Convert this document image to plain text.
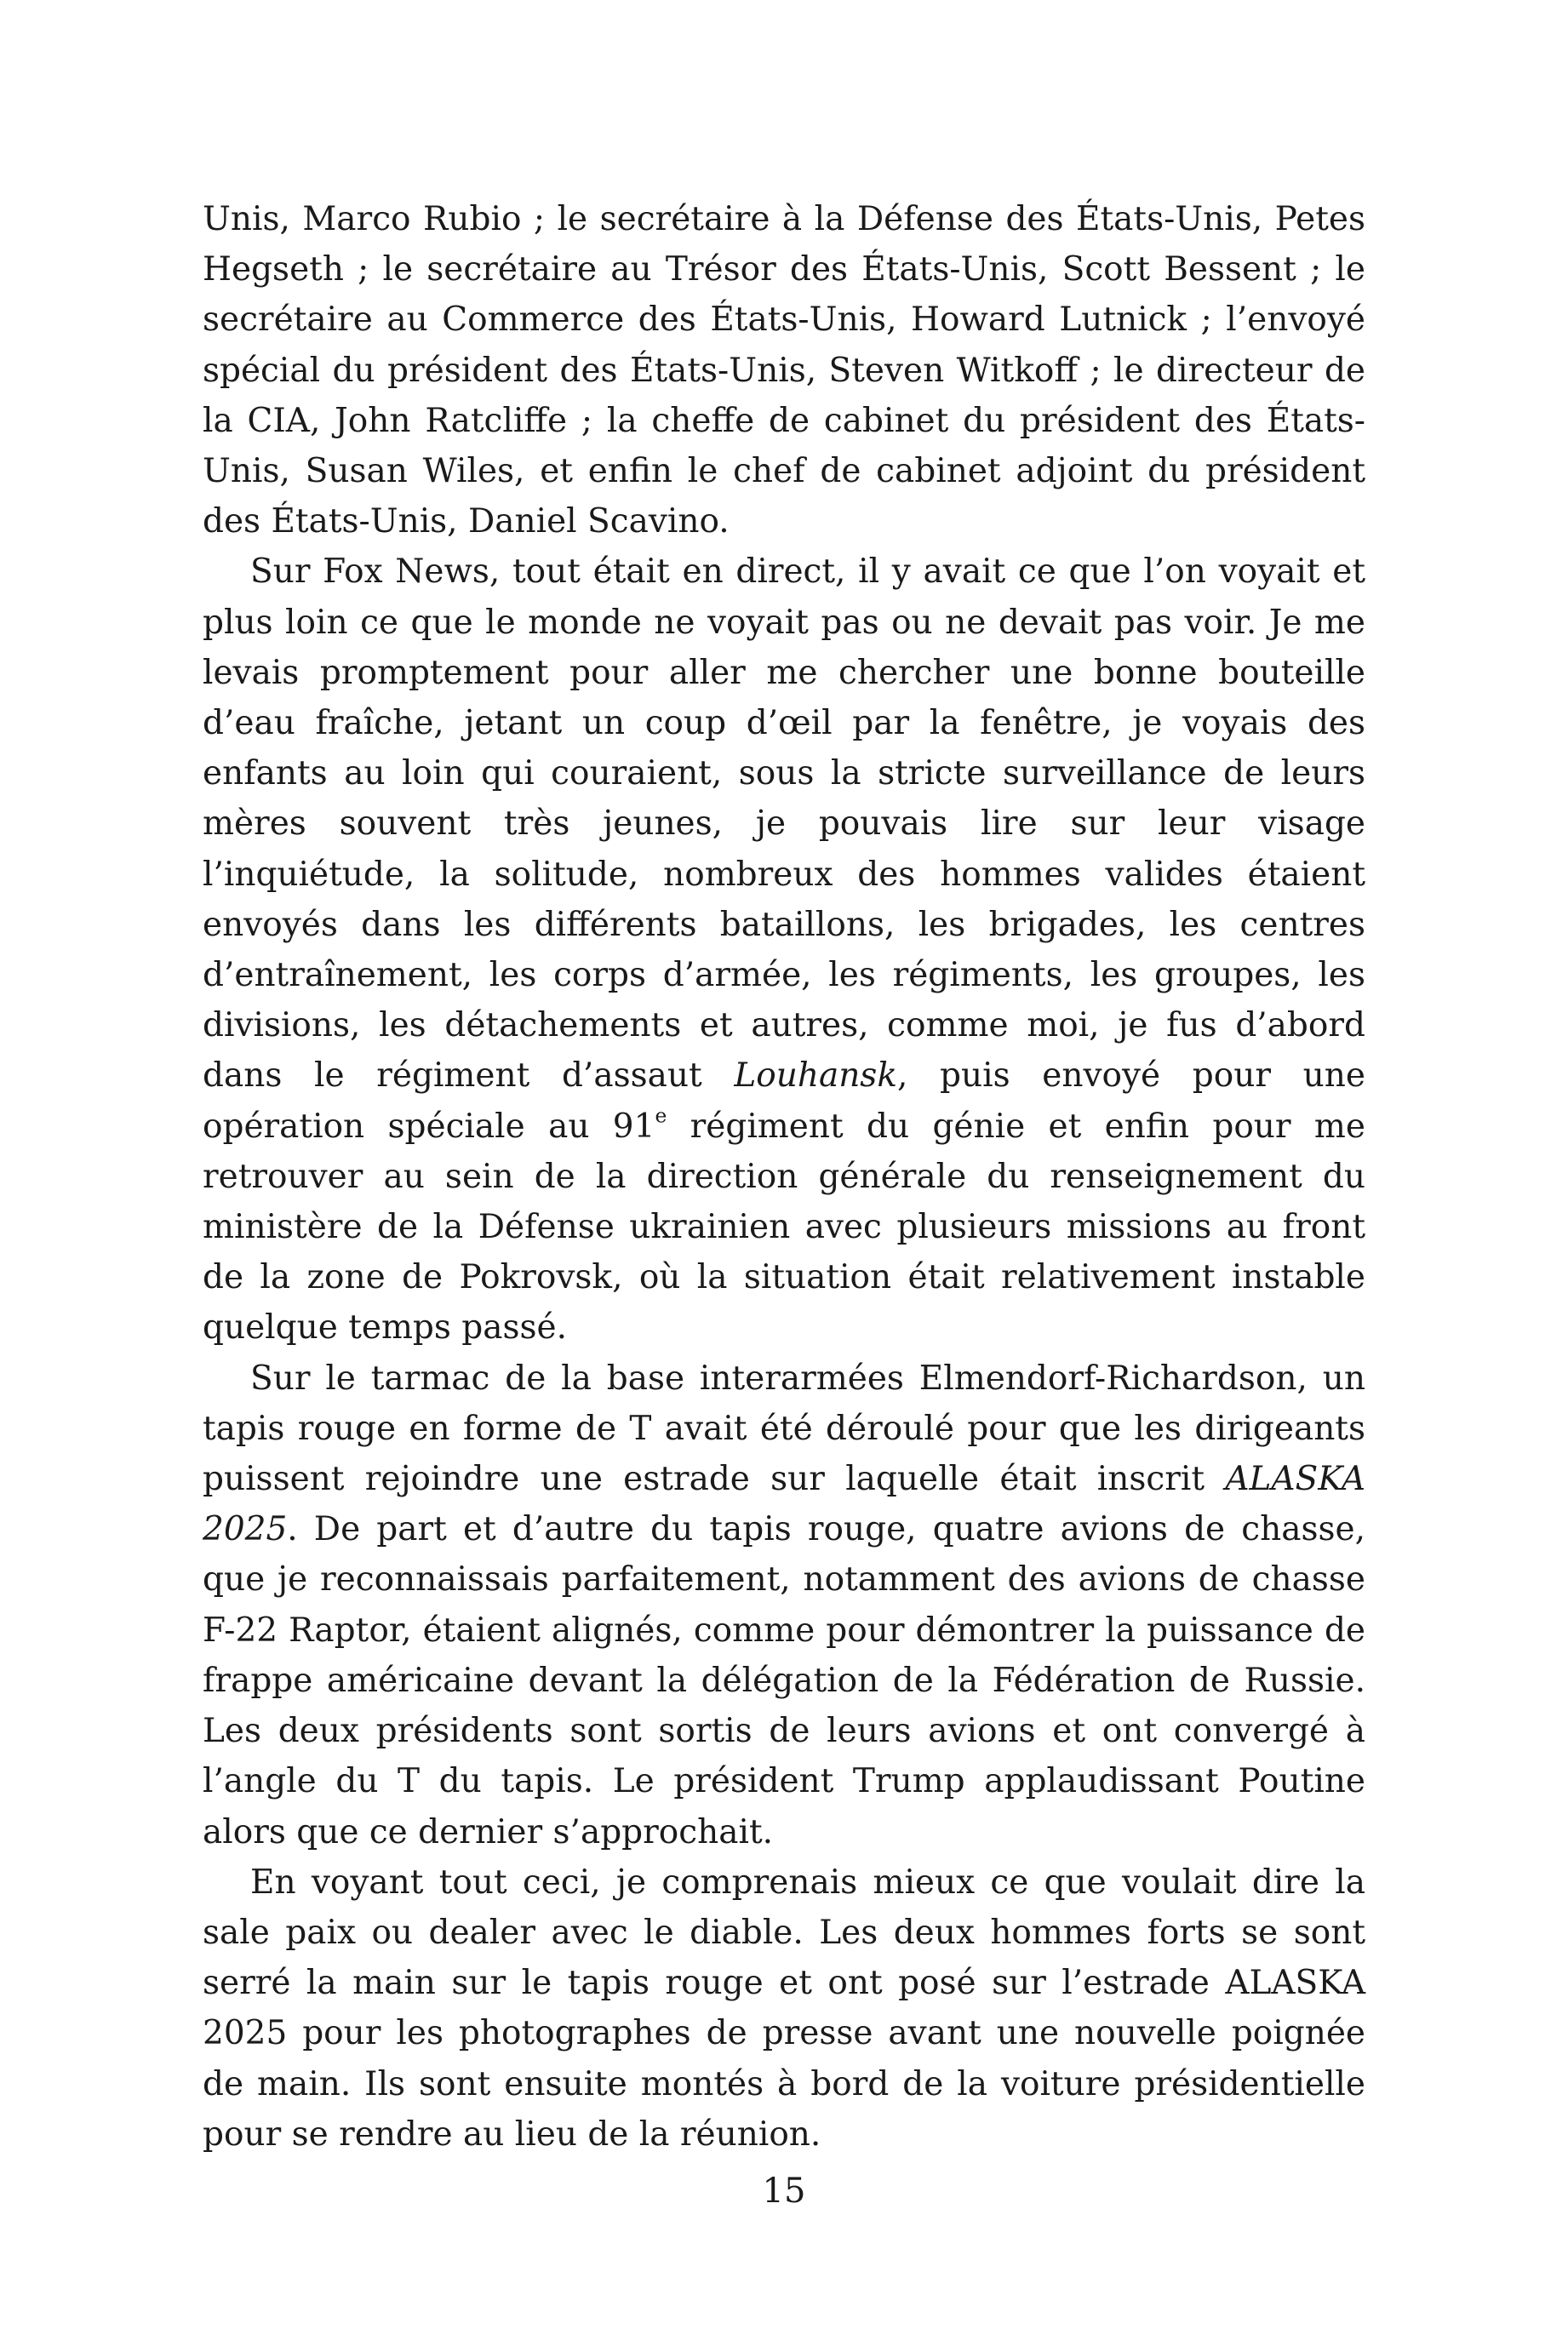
Unis, Marco Rubio ; le secrétaire à la Défense des États-Unis, Petes Hegseth ; le secrétaire au Trésor des États-Unis, Scott Bessent ; le secrétaire au Commerce des États-Unis, Howard Lutnick ; l’envoyé spécial du président des États-Unis, Steven Witkoff ; le directeur de la CIA, John Ratcliffe ; la cheffe de cabinet du président des États-Unis, Susan Wiles, et enfin le chef de cabinet adjoint du président des États-Unis, Daniel Scavino.

Sur Fox News, tout était en direct, il y avait ce que l’on voyait et plus loin ce que le monde ne voyait pas ou ne devait pas voir. Je me levais promptement pour aller me chercher une bonne bouteille d’eau fraîche, jetant un coup d’œil par la fenêtre, je voyais des enfants au loin qui couraient, sous la stricte surveillance de leurs mères souvent très jeunes, je pouvais lire sur leur visage l’inquiétude, la solitude, nombreux des hommes valides étaient envoyés dans les différents bataillons, les brigades, les centres d’entraînement, les corps d’armée, les régiments, les groupes, les divisions, les détachements et autres, comme moi, je fus d’abord dans le régiment d’assaut Louhansk, puis envoyé pour une opération spéciale au 91e régiment du génie et enfin pour me retrouver au sein de la direction générale du renseignement du ministère de la Défense ukrainien avec plusieurs missions au front de la zone de Pokrovsk, où la situation était relativement instable quelque temps passé.

Sur le tarmac de la base interarmées Elmendorf-Richardson, un tapis rouge en forme de T avait été déroulé pour que les dirigeants puissent rejoindre une estrade sur laquelle était inscrit ALASKA 2025. De part et d’autre du tapis rouge, quatre avions de chasse, que je reconnaissais parfaitement, notamment des avions de chasse F-22 Raptor, étaient alignés, comme pour démontrer la puissance de frappe américaine devant la délégation de la Fédération de Russie. Les deux présidents sont sortis de leurs avions et ont convergé à l’angle du T du tapis. Le président Trump applaudissant Poutine alors que ce dernier s’approchait.

En voyant tout ceci, je comprenais mieux ce que voulait dire la sale paix ou dealer avec le diable. Les deux hommes forts se sont serré la main sur le tapis rouge et ont posé sur l’estrade ALASKA 2025 pour les photographes de presse avant une nouvelle poignée de main. Ils sont ensuite montés à bord de la voiture présidentielle pour se rendre au lieu de la réunion.

15
